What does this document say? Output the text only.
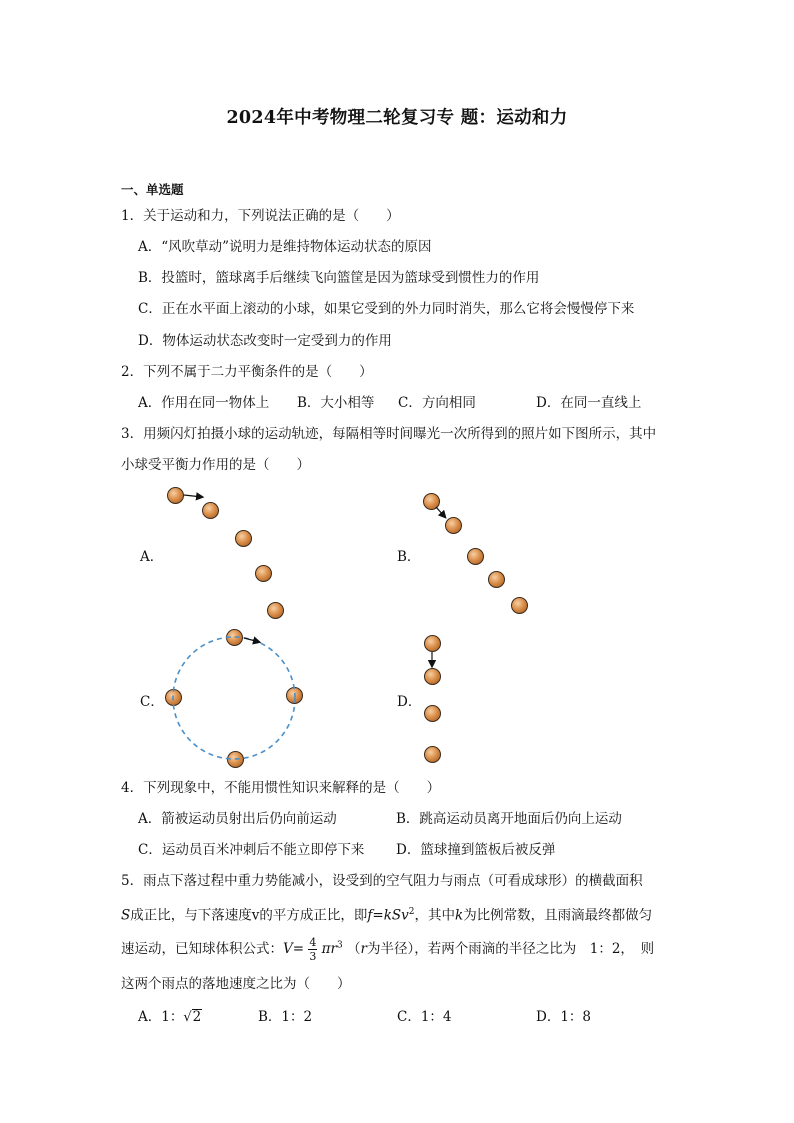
2024年中考物理二轮复习专 题：运动和力
一、单选题
1．关于运动和力，下列说法正确的是（　　）
A．“风吹草动”说明力是维持物体运动状态的原因
B．投篮时，篮球离手后继续飞向篮筐是因为篮球受到惯性力的作用
C．正在水平面上滚动的小球，如果它受到的外力同时消失，那么它将会慢慢停下来
D．物体运动状态改变时一定受到力的作用
2．下列不属于二力平衡条件的是（　　）
A．作用在同一物体上 B．大小相等 C．方向相同	D．在同一直线上
3．用频闪灯拍摄小球的运动轨迹，每隔相等时间曝光一次所得到的照片如下图所示，其中
小球受平衡力作用的是（　　）
A．	B．
C．	D．
4．下列现象中，不能用惯性知识来解释的是（　　）
A．箭被运动员射出后仍向前运动	B．跳高运动员离开地面后仍向上运动
C．运动员百米冲刺后不能立即停下来 D．篮球撞到篮板后被反弹
5．雨点下落过程中重力势能减小，设受到的空气阻力与雨点（可看成球形）的横截面积
S成正比，与下落速度v的平方成正比，即f=kSv$^2$，其中k为比例常数，且雨滴最终都做匀
速运动，已知球体积公式：$V= \frac{4}{3} \pi r^3$ （r为半径），若两个雨滴的半径之比为　1：2，　则
这两个雨点的落地速度之比为（　　）
A．1：√2	B．1：2	C．1：4	D．1：8
